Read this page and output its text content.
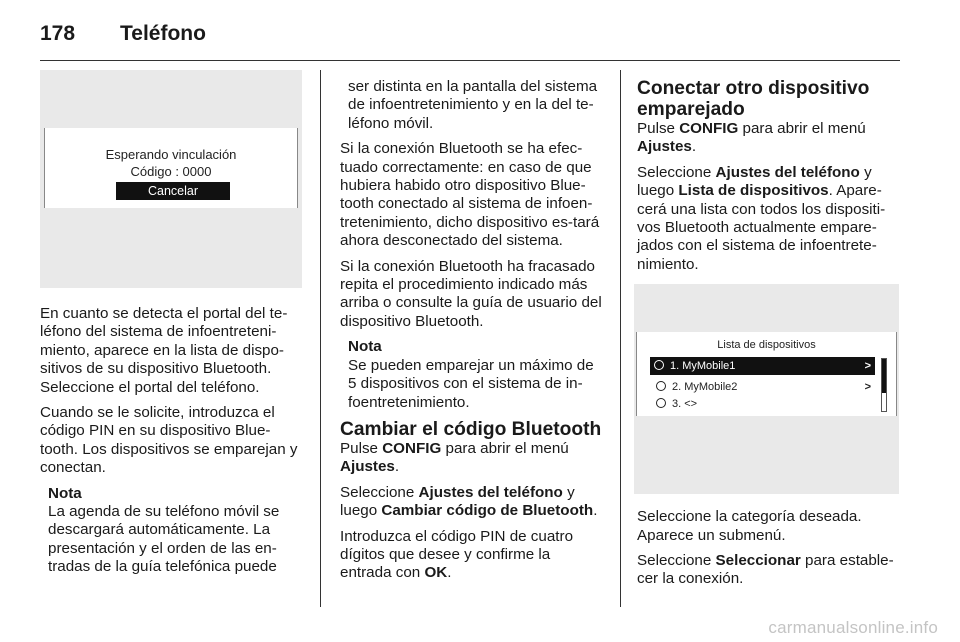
178	Teléfono
Esperando vinculación
Código : 0000
Cancelar

En cuanto se detecta el portal del te-léfono del sistema de infoentreteni-miento, aparece en la lista de dispo-sitivos de su dispositivo Bluetooth. Seleccione el portal del teléfono.

Cuando se le solicite, introduzca el código PIN en su dispositivo Blue-tooth. Los dispositivos se emparejan y conectan.

Nota
La agenda de su teléfono móvil se descargará automáticamente. La presentación y el orden de las en-tradas de la guía telefónica puede

ser distinta en la pantalla del sistema de infoentretenimiento y en la del te-léfono móvil.

Si la conexión Bluetooth se ha efec-tuado correctamente: en caso de que hubiera habido otro dispositivo Blue-tooth conectado al sistema de infoen-tretenimiento, dicho dispositivo es-tará ahora desconectado del sistema.

Si la conexión Bluetooth ha fracasado repita el procedimiento indicado más arriba o consulte la guía de usuario del dispositivo Bluetooth.

Nota
Se pueden emparejar un máximo de 5 dispositivos con el sistema de in-foentretenimiento.
Cambiar el código Bluetooth

Pulse CONFIG para abrir el menú Ajustes.

Seleccione Ajustes del teléfono y luego Cambiar código de Bluetooth.

Introduzca el código PIN de cuatro dígitos que desee y confirme la entrada con OK.

Conectar otro dispositivo emparejado

Pulse CONFIG para abrir el menú Ajustes.

Seleccione Ajustes del teléfono y luego Lista de dispositivos. Apare-cerá una lista con todos los dispositi-vos Bluetooth actualmente empare-jados con el sistema de infoentrete-nimiento.

Lista de dispositivos
1. MyMobile1	>
2. MyMobile2	>
3. <>

Seleccione la categoría deseada. Aparece un submenú.

Seleccione Seleccionar para estable-cer la conexión.

carmanualsonline.info
